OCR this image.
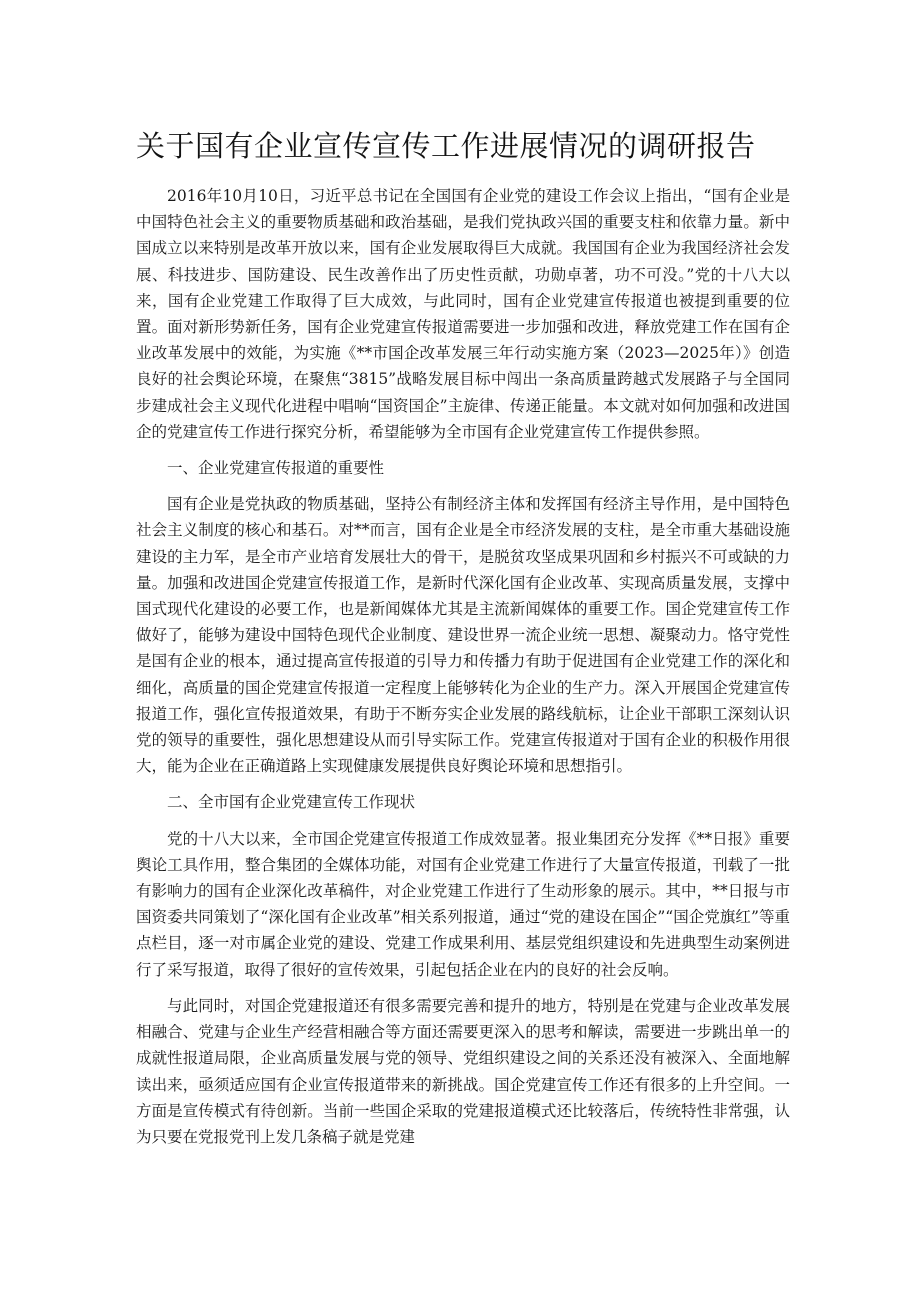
关于国有企业宣传宣传工作进展情况的调研报告

2016年10月10日，习近平总书记在全国国有企业党的建设工作会议上指出，“国有企业是中国特色社会主义的重要物质基础和政治基础，是我们党执政兴国的重要支柱和依靠力量。新中国成立以来特别是改革开放以来，国有企业发展取得巨大成就。我国国有企业为我国经济社会发展、科技进步、国防建设、民生改善作出了历史性贡献，功勋卓著，功不可没。”党的十八大以来，国有企业党建工作取得了巨大成效，与此同时，国有企业党建宣传报道也被提到重要的位置。面对新形势新任务，国有企业党建宣传报道需要进一步加强和改进，释放党建工作在国有企业改革发展中的效能，为实施《**市国企改革发展三年行动实施方案（2023—2025年）》创造良好的社会舆论环境，在聚焦“3815”战略发展目标中闯出一条高质量跨越式发展路子与全国同步建成社会主义现代化进程中唱响“国资国企”主旋律、传递正能量。本文就对如何加强和改进国企的党建宣传工作进行探究分析，希望能够为全市国有企业党建宣传工作提供参照。

一、企业党建宣传报道的重要性

国有企业是党执政的物质基础，坚持公有制经济主体和发挥国有经济主导作用，是中国特色社会主义制度的核心和基石。对**而言，国有企业是全市经济发展的支柱，是全市重大基础设施建设的主力军，是全市产业培育发展壮大的骨干，是脱贫攻坚成果巩固和乡村振兴不可或缺的力量。加强和改进国企党建宣传报道工作，是新时代深化国有企业改革、实现高质量发展，支撑中国式现代化建设的必要工作，也是新闻媒体尤其是主流新闻媒体的重要工作。国企党建宣传工作做好了，能够为建设中国特色现代企业制度、建设世界一流企业统一思想、凝聚动力。恪守党性是国有企业的根本，通过提高宣传报道的引导力和传播力有助于促进国有企业党建工作的深化和细化，高质量的国企党建宣传报道一定程度上能够转化为企业的生产力。深入开展国企党建宣传报道工作，强化宣传报道效果，有助于不断夯实企业发展的路线航标，让企业干部职工深刻认识党的领导的重要性，强化思想建设从而引导实际工作。党建宣传报道对于国有企业的积极作用很大，能为企业在正确道路上实现健康发展提供良好舆论环境和思想指引。

二、全市国有企业党建宣传工作现状

党的十八大以来，全市国企党建宣传报道工作成效显著。报业集团充分发挥《**日报》重要舆论工具作用，整合集团的全媒体功能，对国有企业党建工作进行了大量宣传报道，刊载了一批有影响力的国有企业深化改革稿件，对企业党建工作进行了生动形象的展示。其中，**日报与市国资委共同策划了“深化国有企业改革”相关系列报道，通过“党的建设在国企”“国企党旗红”等重点栏目，逐一对市属企业党的建设、党建工作成果利用、基层党组织建设和先进典型生动案例进行了采写报道，取得了很好的宣传效果，引起包括企业在内的良好的社会反响。

与此同时，对国企党建报道还有很多需要完善和提升的地方，特别是在党建与企业改革发展相融合、党建与企业生产经营相融合等方面还需要更深入的思考和解读，需要进一步跳出单一的成就性报道局限，企业高质量发展与党的领导、党组织建设之间的关系还没有被深入、全面地解读出来，亟须适应国有企业宣传报道带来的新挑战。国企党建宣传工作还有很多的上升空间。一方面是宣传模式有待创新。当前一些国企采取的党建报道模式还比较落后，传统特性非常强，认为只要在党报党刊上发几条稿子就是党建
